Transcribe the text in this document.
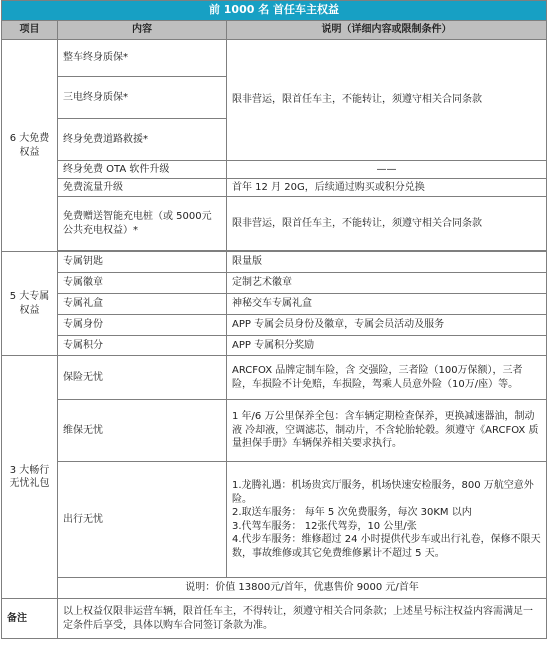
前 1000 名 首任车主权益		
项目	内容	说明（详细内容或限制条件）
6 大免费权益	整车终身质保*	限非营运，限首任车主，不能转让，须遵守相关合同条款
	三电终身质保*	
	终身免费道路救援*	
	终身免费 OTA 软件升级	——
	免费流量升级	首年 12 月 20G，后续通过购买或积分兑换
	免费赠送智能充电桩（或 5000元公共充电权益）*	限非营运，限首任车主，不能转让，须遵守相关合同条款

5 大专属权益	专属钥匙	限量版
	专属徽章	定制艺术徽章
	专属礼盒	神秘交车专属礼盒
	专属身份	APP 专属会员身份及徽章，专属会员活动及服务
	专属积分	APP 专属积分奖励
3 大畅行无忧礼包	保险无忧	ARCFOX 品牌定制车险，含 交强险，三者险（100万保额），三者险，车损险不计免赔，车损险，驾乘人员意外险（10万/座）等。
	维保无忧	1 年/6 万公里保养全包：含车辆定期检查保养，更换减速器油，制动液 冷却液，空调滤芯，制动片，不含轮胎轮毂。须遵守《ARCFOX 质量担保手册》车辆保养相关要求执行。
	出行无忧	1.龙腾礼遇：机场贵宾厅服务，机场快速安检服务，800 万航空意外险。
2.取送车服务： 每年 5 次免费服务，每次 30KM 以内
3.代驾车服务： 12张代驾券，10 公里/张
4.代步车服务：维修超过 24 小时提供代步车或出行礼卷，保修不限天数，事故维修或其它免费维修累计不超过 5 天。

	说明：价值 13800元/首年，优惠售价 9000 元/首年	
备注	以上权益仅限非运营车辆，限首任车主，不得转让，须遵守相关合同条款；上述星号标注权益内容需满足一定条件后享受，具体以购车合同签订条款为准。	
